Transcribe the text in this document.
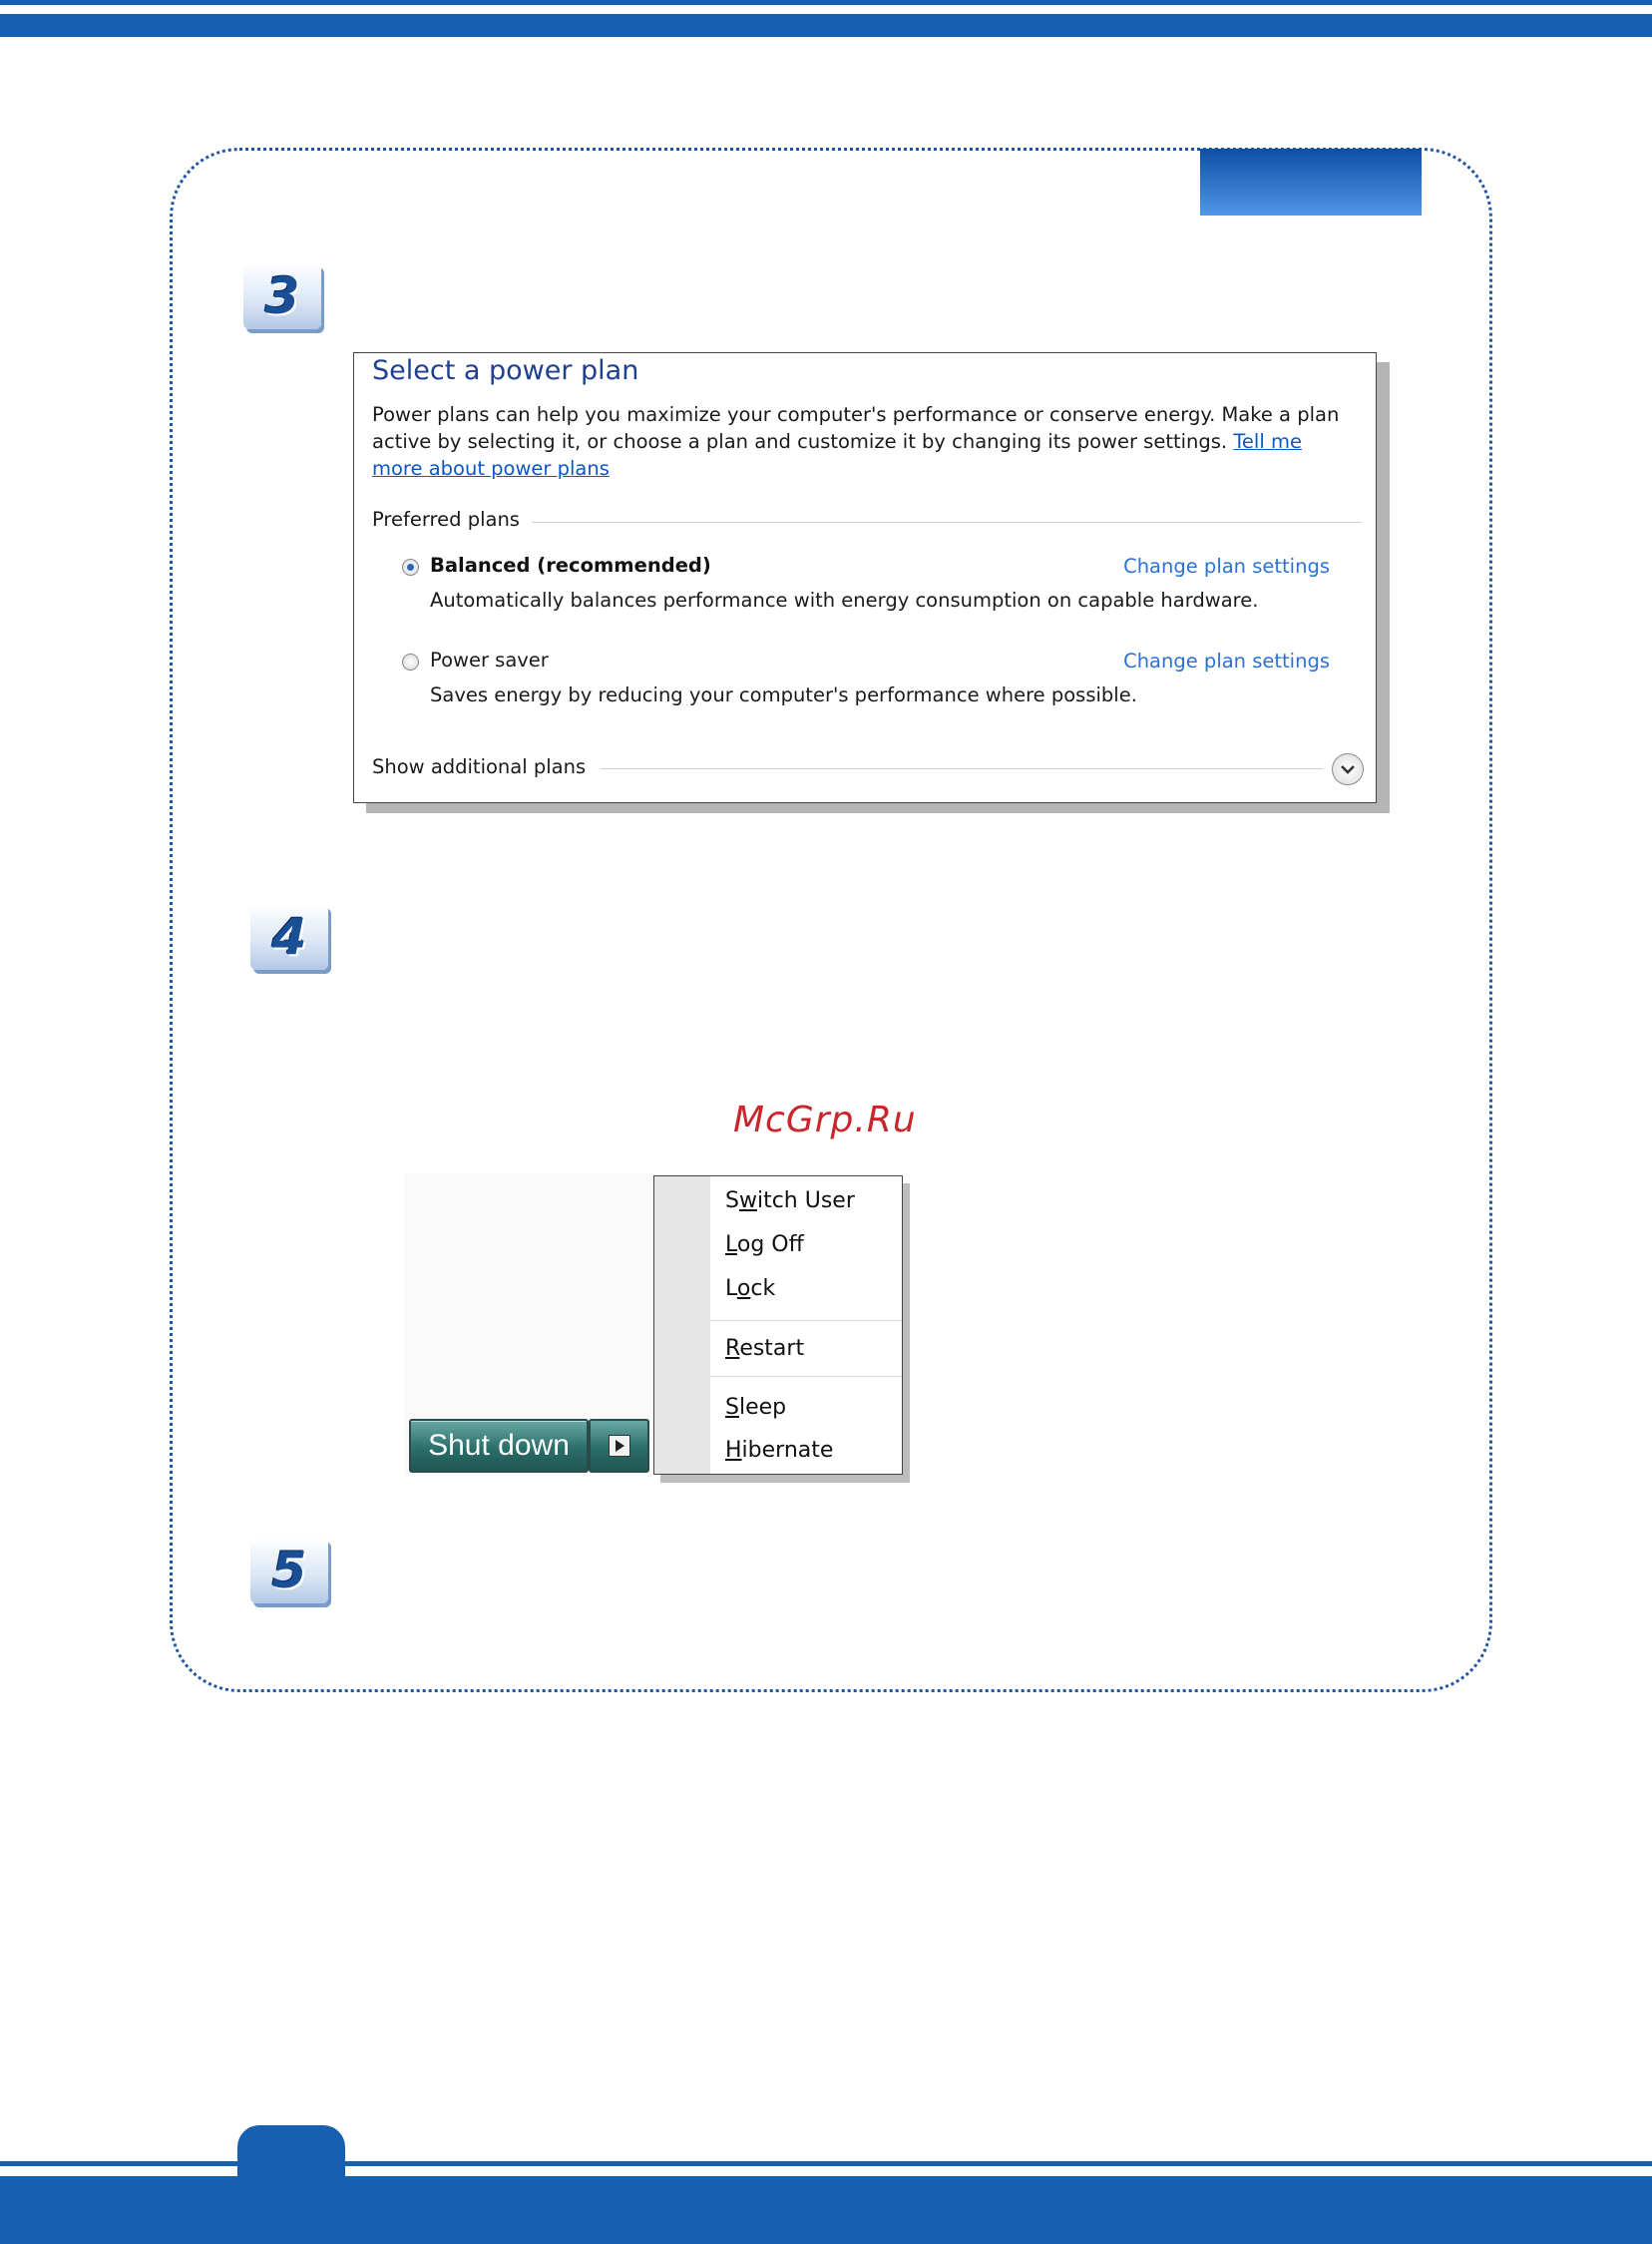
3
Select a power plan
Power plans can help you maximize your computer's performance or conserve energy. Make a plan active by selecting it, or choose a plan and customize it by changing its power settings. Tell me more about power plans
Preferred plans
Balanced (recommended)	Change plan settings
Automatically balances performance with energy consumption on capable hardware.
Power saver	Change plan settings
Saves energy by reducing your computer's performance where possible.
Show additional plans
4
McGrp.Ru
Shut down
Switch User
Log Off
Lock
Restart
Sleep
Hibernate
5
